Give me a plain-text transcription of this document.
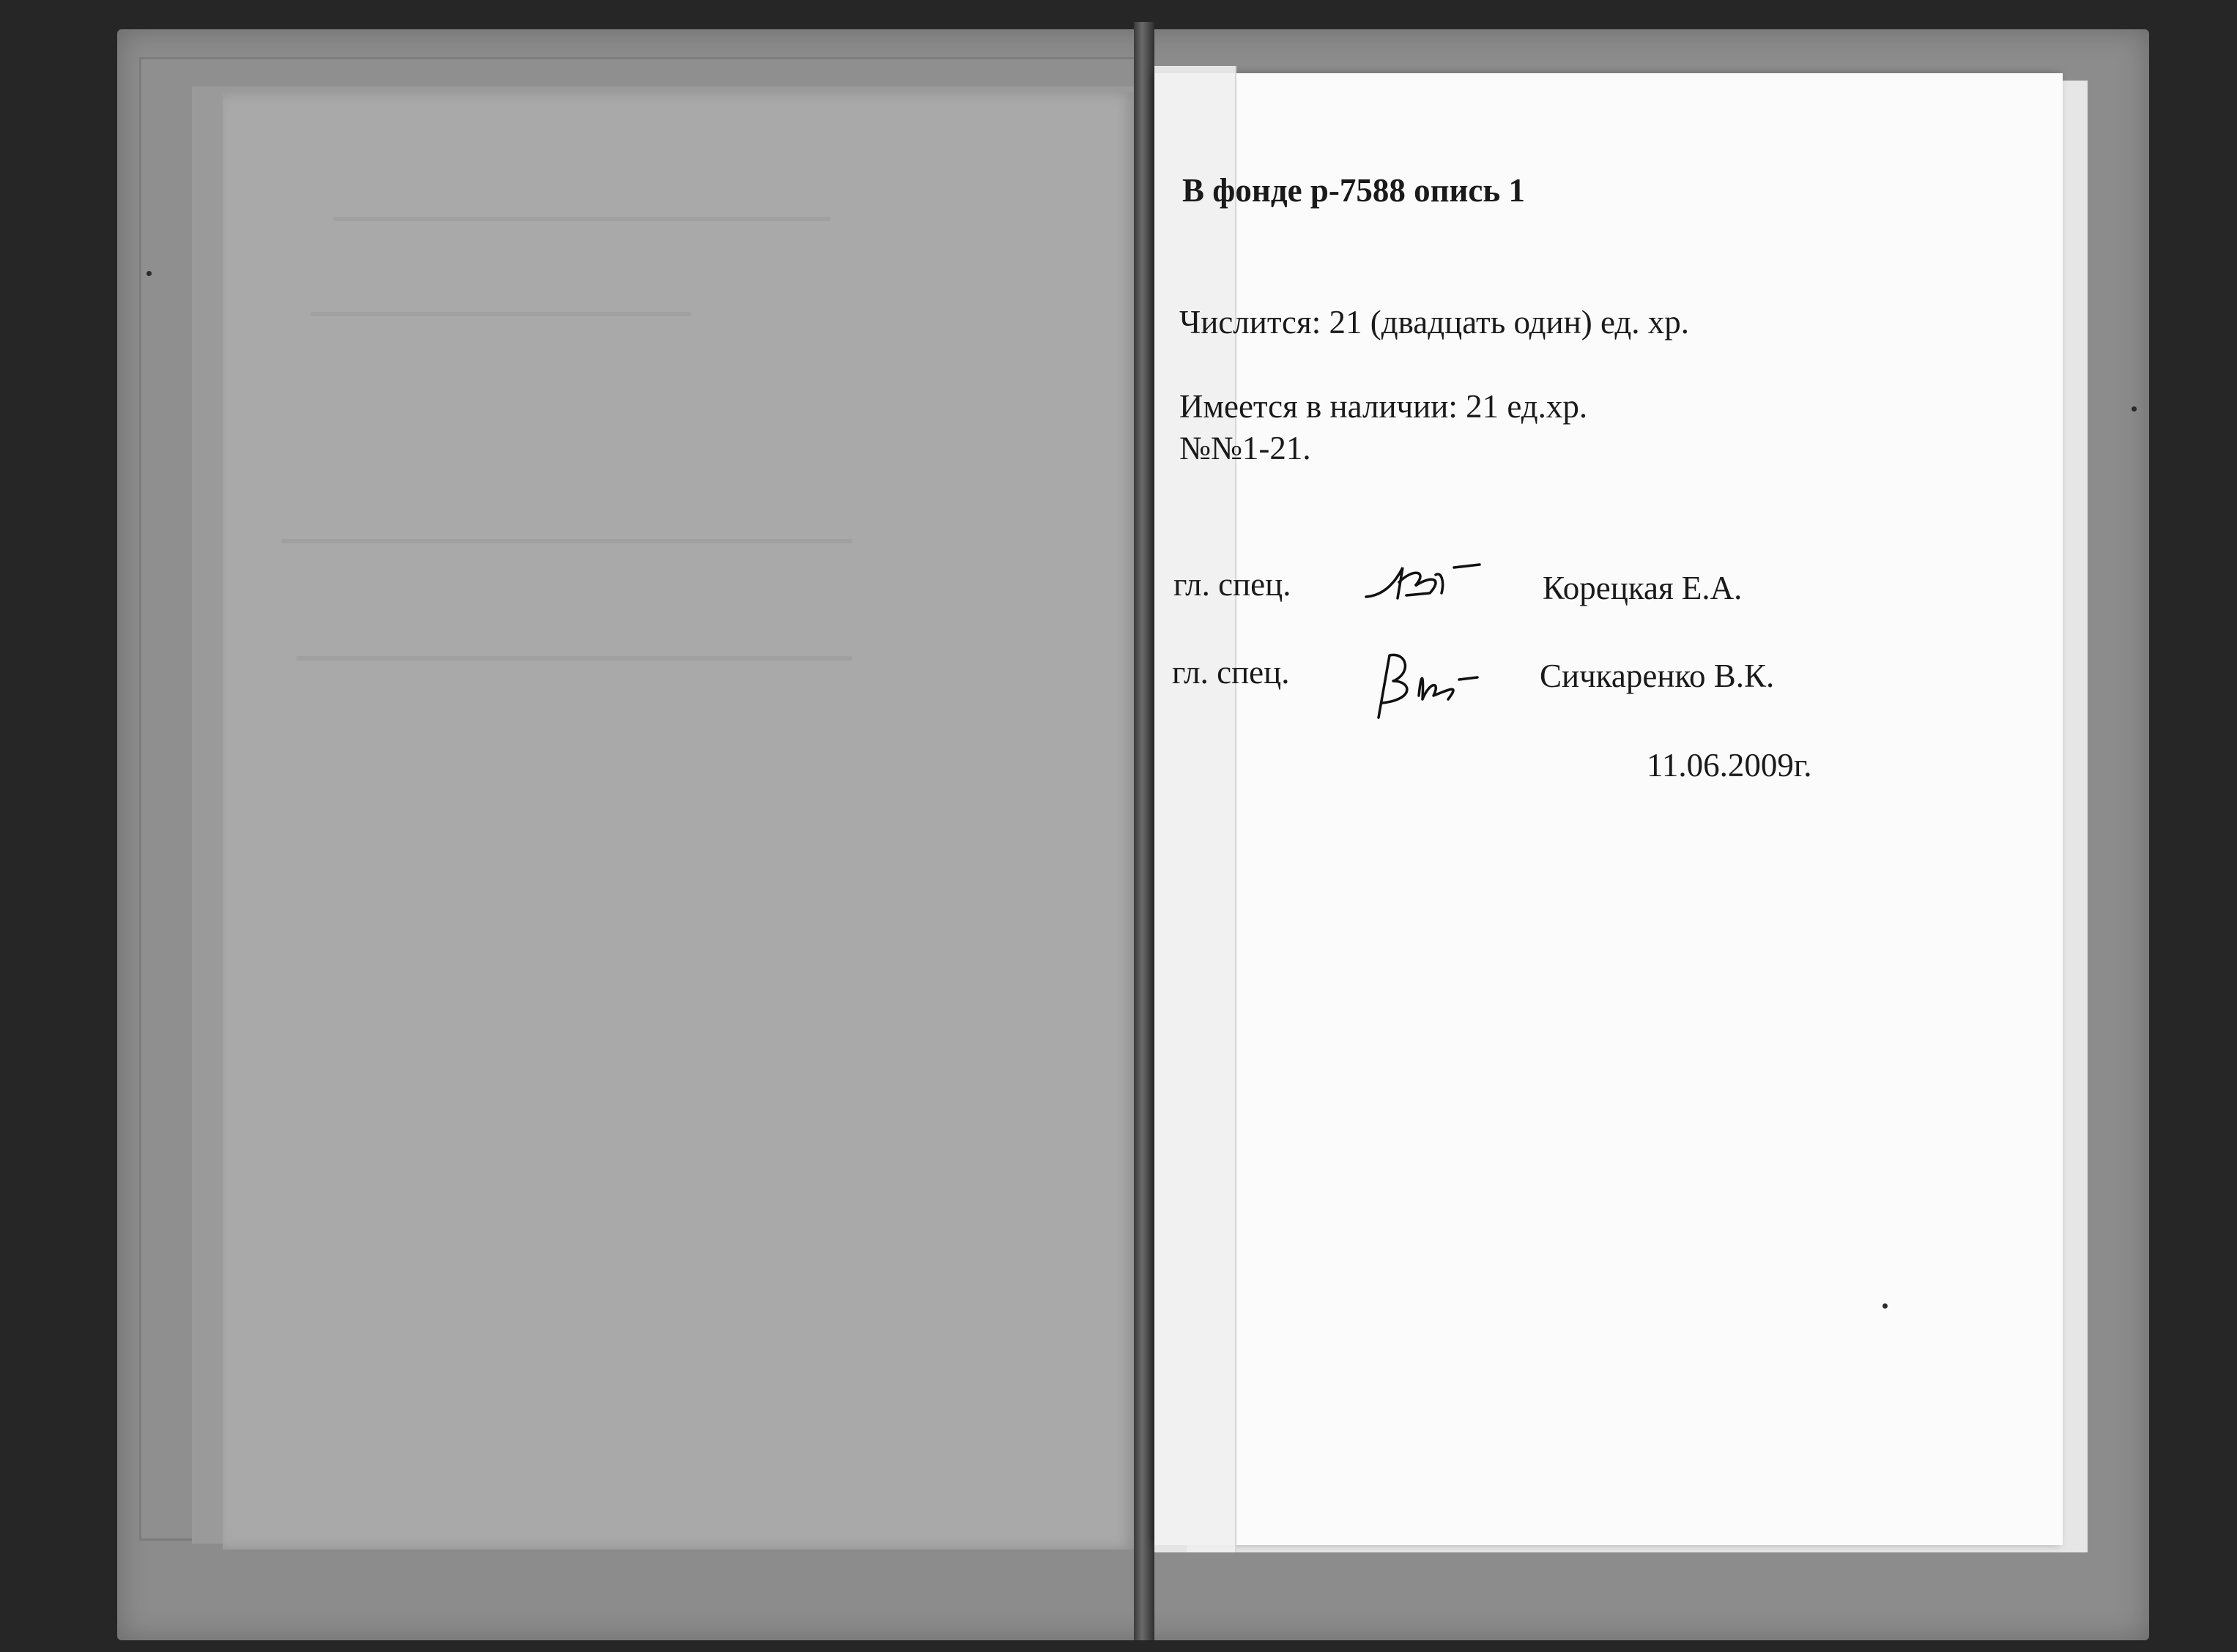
В фонде р-7588 опись 1
Числится: 21 (двадцать один) ед. хр.
Имеется в наличии: 21 ед.хр.
№№1-21.
гл. спец.	Корецкая Е.А.
гл. спец.	Сичкаренко В.К.
11.06.2009г.
